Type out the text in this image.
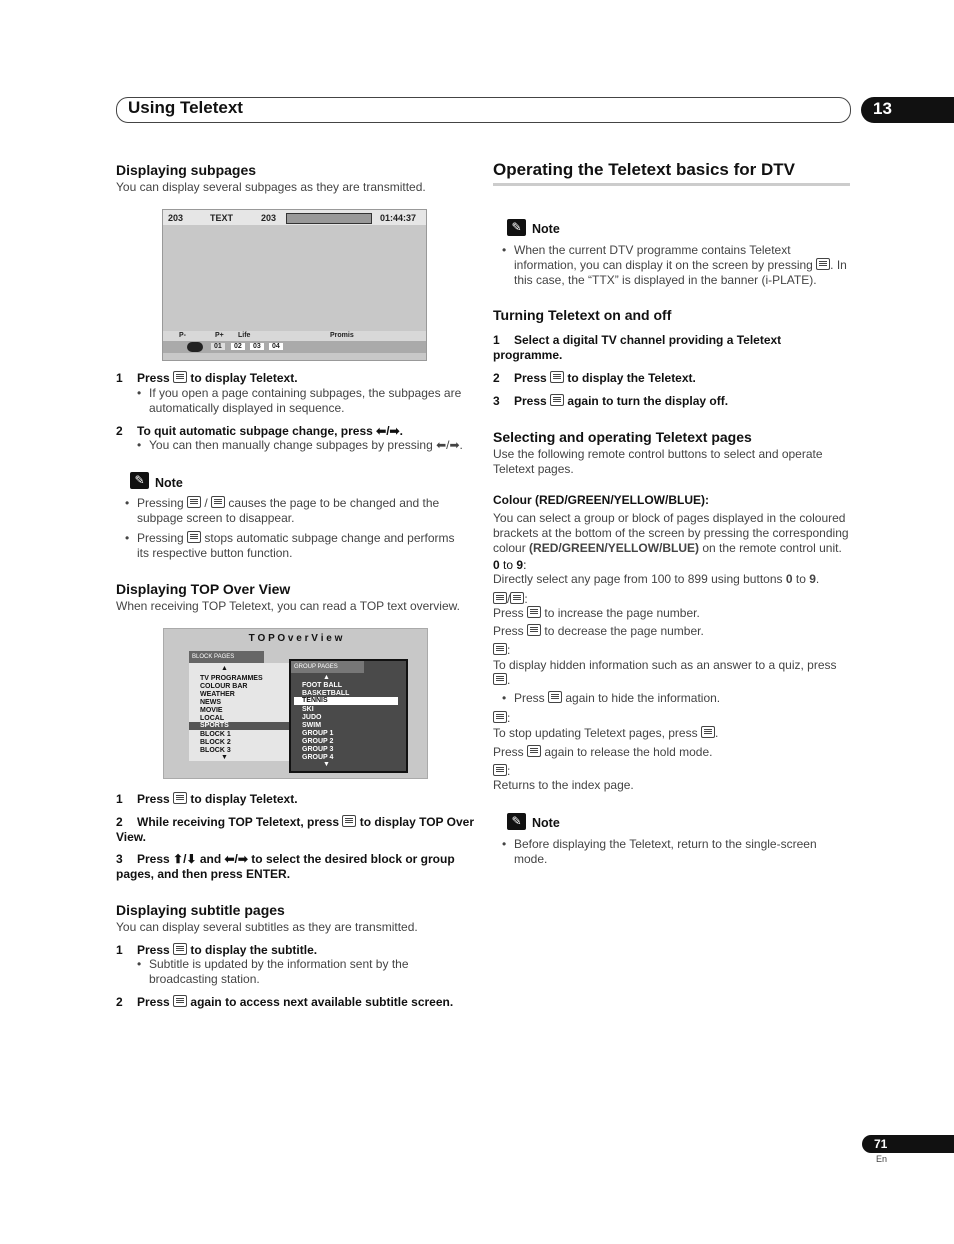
Using Teletext	13
Displaying subpages
You can display several subpages as they are transmitted.
203	TEXT	203	01:44:37
P-	P+ Life	Promis
01	02	03	04
1 Press to display Teletext.
• If you open a page containing subpages, the subpages are automatically displayed in sequence.
2 To quit automatic subpage change, press ⬅/➡.
• You can then manually change subpages by pressing ⬅/➡.
✎ Note
• Pressing  /  causes the page to be changed and the subpage screen to disappear.
• Pressing stops automatic subpage change and performs its respective button function.
Displaying TOP Over View
When receiving TOP Teletext, you can read a TOP text overview.
T O P O v e r V i e w
BLOCK PAGES
▲
TV PROGRAMMES
COLOUR BAR
WEATHER
NEWS
MOVIE
LOCAL
SPORTS
BLOCK 1
BLOCK 2
BLOCK 3
▼
GROUP PAGES
▲
FOOT BALL
BASKETBALL
TENNIS
SKI
JUDO
SWIM
GROUP 1
GROUP 2
GROUP 3
GROUP 4
▼
1 Press to display Teletext.
2 While receiving TOP Teletext, press to display TOP Over View.
3 Press ⬆/⬇ and ⬅/➡ to select the desired block or group pages, and then press ENTER.
Displaying subtitle pages
You can display several subtitles as they are transmitted.
1 Press to display the subtitle.
• Subtitle is updated by the information sent by the broadcasting station.
2 Press again to access next available subtitle screen.
Operating the Teletext basics for DTV
✎ Note
• When the current DTV programme contains Teletext information, you can display it on the screen by pressing . In this case, the “TTX” is displayed in the banner (i-PLATE).
Turning Teletext on and off
1 Select a digital TV channel providing a Teletext programme.
2 Press to display the Teletext.
3 Press again to turn the display off.
Selecting and operating Teletext pages
Use the following remote control buttons to select and operate Teletext pages.
Colour (RED/GREEN/YELLOW/BLUE):
You can select a group or block of pages displayed in the coloured brackets at the bottom of the screen by pressing the corresponding colour (RED/GREEN/YELLOW/BLUE) on the remote control unit.
0 to 9:
Directly select any page from 100 to 899 using buttons 0 to 9.
/ :
Press to increase the page number.
Press to decrease the page number.
:
To display hidden information such as an answer to a quiz, press .
• Press again to hide the information.
:
To stop updating Teletext pages, press .
Press again to release the hold mode.
:
Returns to the index page.
✎ Note
• Before displaying the Teletext, return to the single-screen mode.
71
En
